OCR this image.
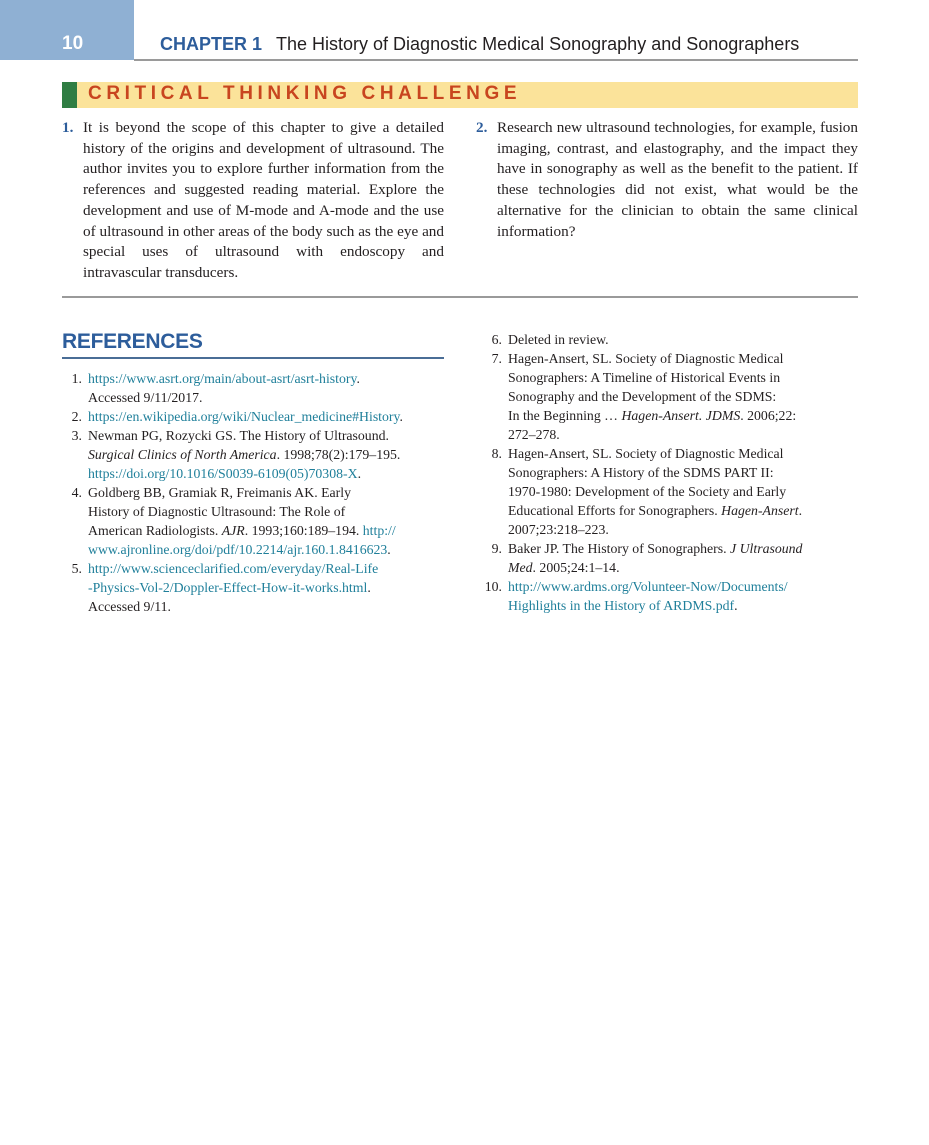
10	CHAPTER 1 The History of Diagnostic Medical Sonography and Sonographers
CRITICAL THINKING CHALLENGE
1. It is beyond the scope of this chapter to give a detailed history of the origins and development of ultrasound. The author invites you to explore further information from the references and suggested reading material. Explore the development and use of M-mode and A-mode and the use of ultrasound in other areas of the body such as the eye and special uses of ultrasound with endoscopy and intravascular transducers.
2. Research new ultrasound technologies, for example, fusion imaging, contrast, and elastography, and the impact they have in sonography as well as the benefit to the patient. If these technologies did not exist, what would be the alternative for the clinician to obtain the same clinical information?
REFERENCES
1. https://www.asrt.org/main/about-asrt/asrt-history.
Accessed 9/11/2017.
2. https://en.wikipedia.org/wiki/Nuclear_medicine#History.
3. Newman PG, Rozycki GS. The History of Ultrasound.
Surgical Clinics of North America. 1998;78(2):179–195.
https://doi.org/10.1016/S0039-6109(05)70308-X.
4. Goldberg BB, Gramiak R, Freimanis AK. Early
History of Diagnostic Ultrasound: The Role of
American Radiologists. AJR. 1993;160:189–194. http://
www.ajronline.org/doi/pdf/10.2214/ajr.160.1.8416623.
5. http://www.scienceclarified.com/everyday/Real-Life
-Physics-Vol-2/Doppler-Effect-How-it-works.html.
Accessed 9/11.
6. Deleted in review.
7. Hagen-Ansert, SL. Society of Diagnostic Medical
Sonographers: A Timeline of Historical Events in
Sonography and the Development of the SDMS:
In the Beginning … Hagen-Ansert. JDMS. 2006;22:
272–278.
8. Hagen-Ansert, SL. Society of Diagnostic Medical
Sonographers: A History of the SDMS PART II:
1970-1980: Development of the Society and Early
Educational Efforts for Sonographers. Hagen-Ansert.
2007;23:218–223.
9. Baker JP. The History of Sonographers. J Ultrasound
Med. 2005;24:1–14.
10. http://www.ardms.org/Volunteer-Now/Documents/
Highlights in the History of ARDMS.pdf.
